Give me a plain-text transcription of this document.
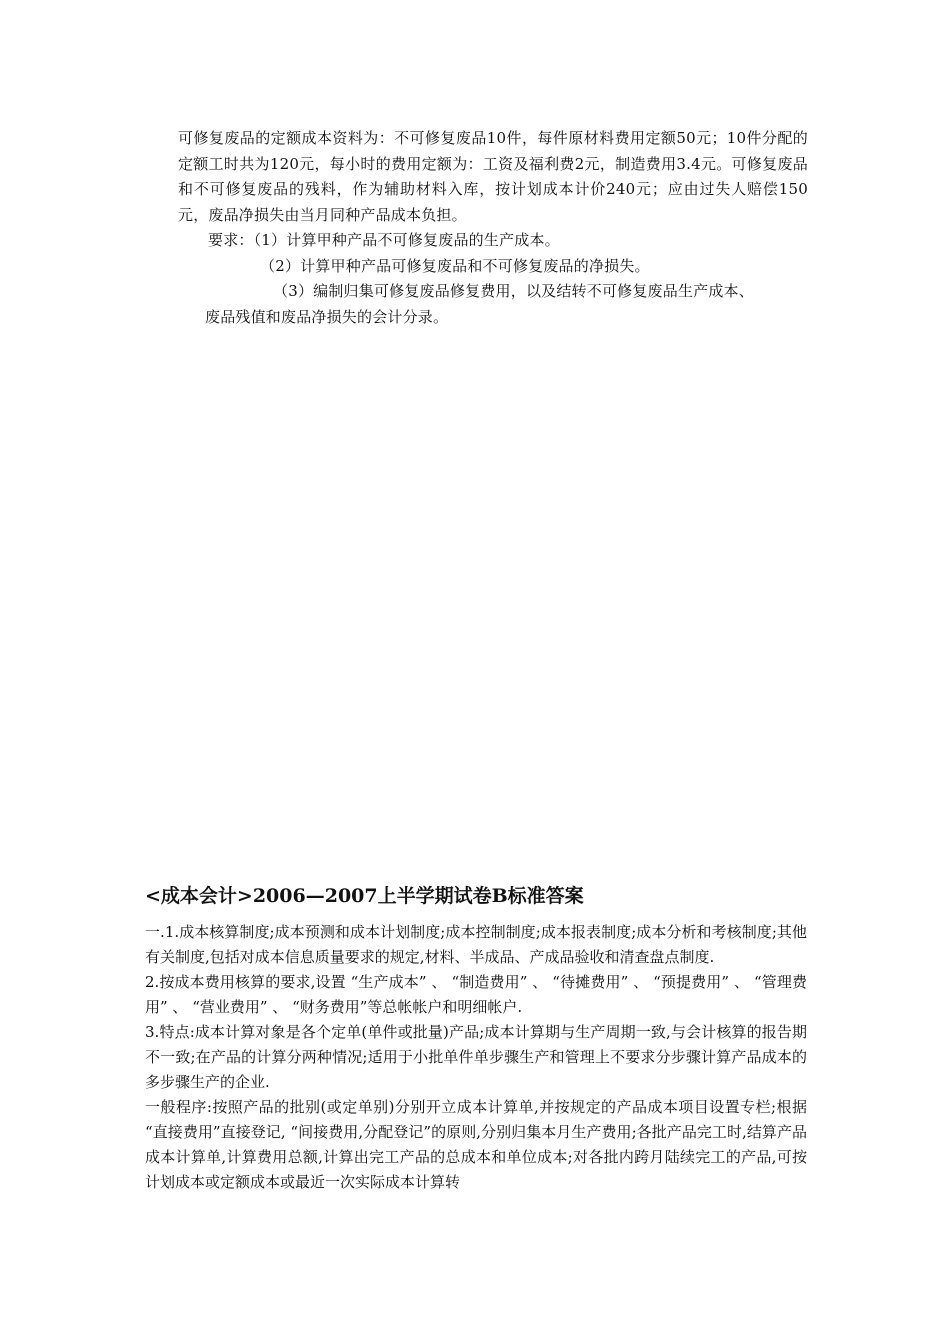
可修复废品的定额成本资料为：不可修复废品10件，每件原材料费用定额50元；10件分配的定额工时共为120元，每小时的费用定额为：工资及福利费2元，制造费用3.4元。可修复废品和不可修复废品的残料，作为辅助材料入库，按计划成本计价240元；应由过失人赔偿150元，废品净损失由当月同种产品成本负担。

要求：（1）计算甲种产品不可修复废品的生产成本。

（2）计算甲种产品可修复废品和不可修复废品的净损失。

（3）编制归集可修复废品修复费用，以及结转不可修复废品生产成本、

废品残值和废品净损失的会计分录。

<成本会计>2006—2007上半学期试卷B标准答案

一.1.成本核算制度;成本预测和成本计划制度;成本控制制度;成本报表制度;成本分析和考核制度;其他有关制度,包括对成本信息质量要求的规定,材料、半成品、产成品验收和清查盘点制度.

2.按成本费用核算的要求,设置 “生产成本” 、 “制造费用” 、 “待摊费用” 、 “预提费用” 、 “管理费用” 、 “营业费用” 、 “财务费用”等总帐帐户和明细帐户.

3.特点:成本计算对象是各个定单(单件或批量)产品;成本计算期与生产周期一致,与会计核算的报告期不一致;在产品的计算分两种情况;适用于小批单件单步骤生产和管理上不要求分步骤计算产品成本的多步骤生产的企业.

一般程序:按照产品的批别(或定单别)分别开立成本计算单,并按规定的产品成本项目设置专栏;根据 “直接费用”直接登记, “间接费用,分配登记”的原则,分别归集本月生产费用;各批产品完工时,结算产品成本计算单,计算费用总额,计算出完工产品的总成本和单位成本;对各批内跨月陆续完工的产品,可按计划成本或定额成本或最近一次实际成本计算转
